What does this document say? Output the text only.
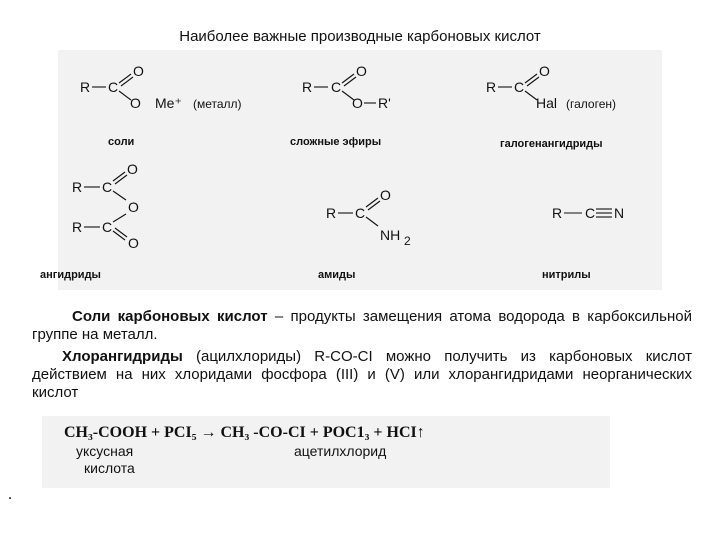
Наиболее важные производные карбоновых кислот
R C
O
O Me⁺ (металл)
соли
R C
O
O R'
сложные эфиры
R C
O
Hal (галоген)
галогенангидриды
R C
O
O
R C
O
ангидриды
R C
O
NH 2
амиды
R C N
нитрилы
Соли карбоновых кислот – продукты замещения атома водорода в карбоксильной группе на металл.
Хлорангидриды (ацилхлориды) R-CO-CI можно получить из карбоновых кислот действием на них хлоридами фосфора (III) и (V) или хлорангидридами неорганических кислот
CH₃-COOH + PCI₅ → CH₃ -CO-CI + POC1₃ + HCI↑
уксусная
кислота
ацетилхлорид
.
